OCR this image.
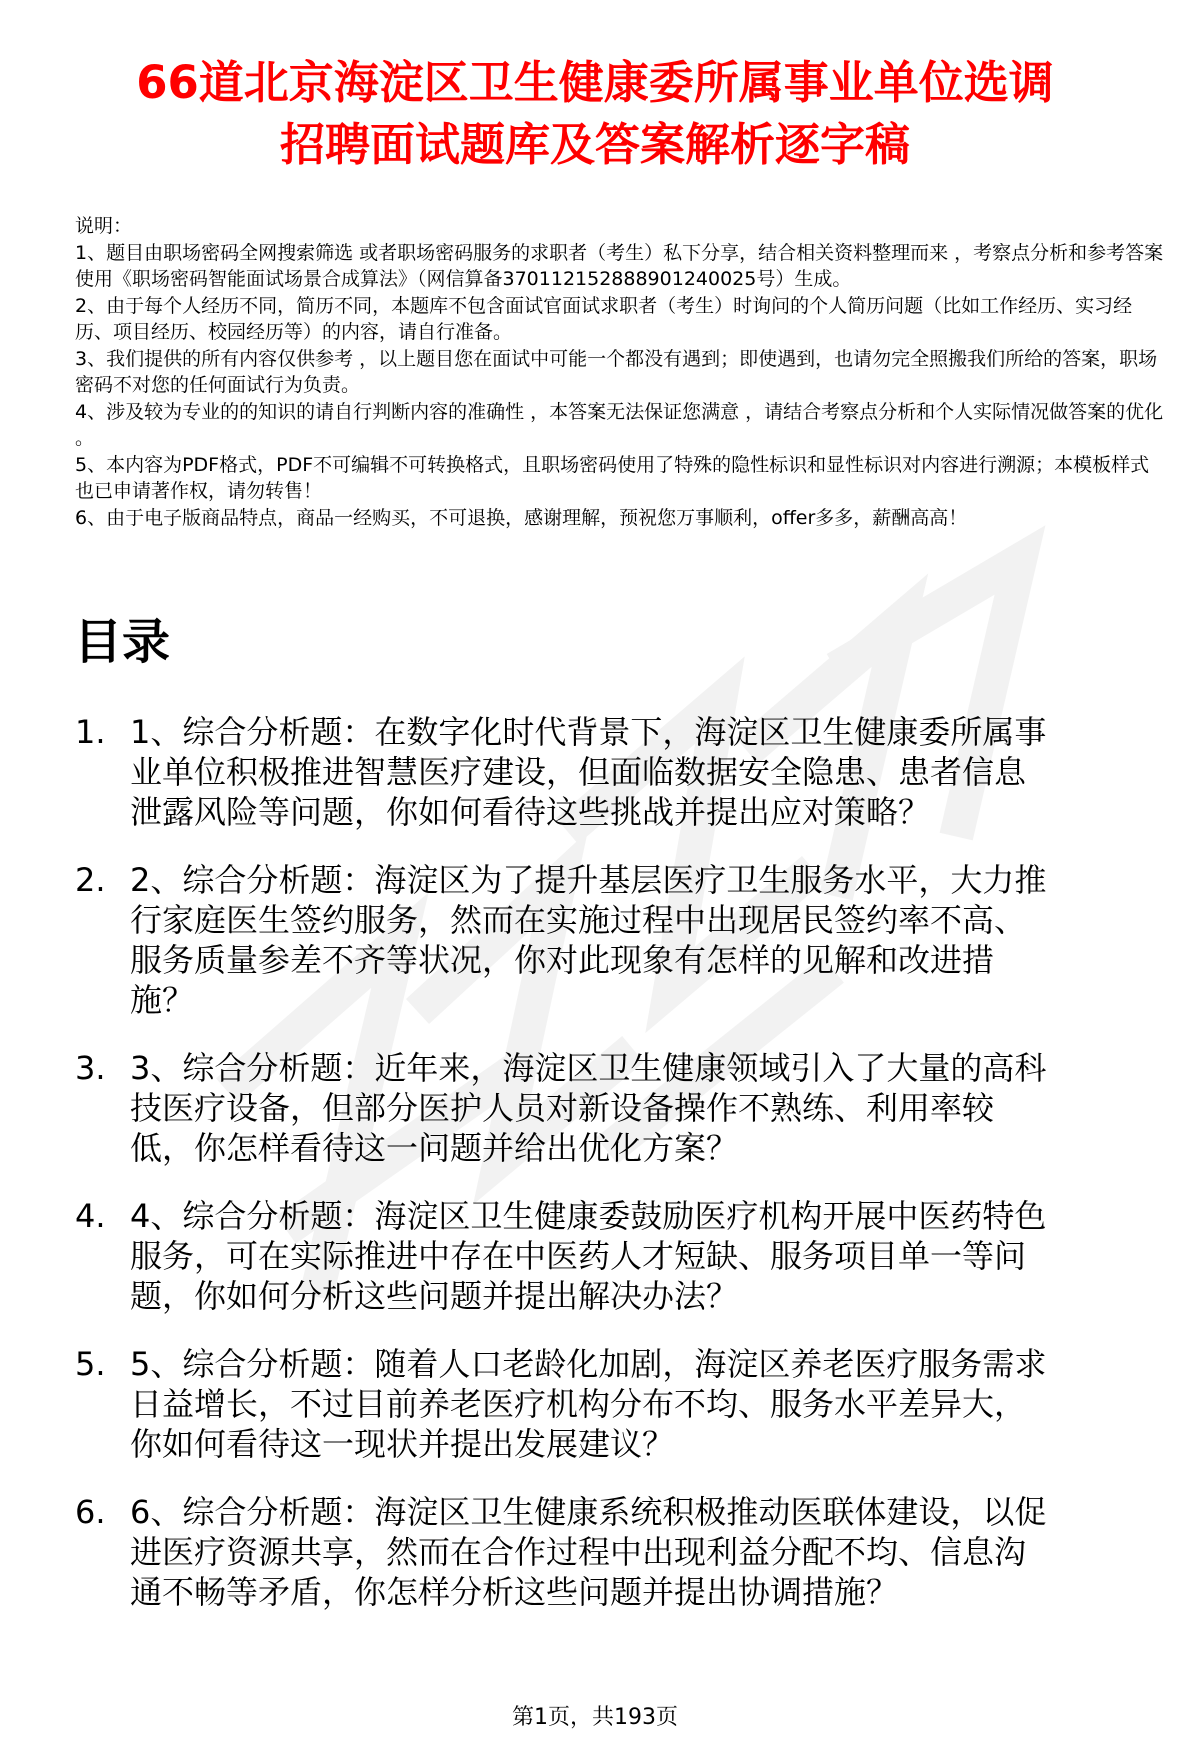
66道北京海淀区卫生健康委所属事业单位选调
招聘面试题库及答案解析逐字稿
说明：
1、题目由职场密码全网搜索筛选 或者职场密码服务的求职者（考生）私下分享，结合相关资料整理而来 ，考察点分析和参考答案使用《职场密码智能面试场景合成算法》（网信算备370112152888901240025号）生成。
2、由于每个人经历不同，简历不同，本题库不包含面试官面试求职者（考生）时询问的个人简历问题（比如工作经历、实习经历、项目经历、校园经历等）的内容，请自行准备。
3、我们提供的所有内容仅供参考 ，以上题目您在面试中可能一个都没有遇到；即使遇到，也请勿完全照搬我们所给的答案，职场密码不对您的任何面试行为负责。
4、涉及较为专业的的知识的请自行判断内容的准确性 ，本答案无法保证您满意 ，请结合考察点分析和个人实际情况做答案的优化 。
5、本内容为PDF格式，PDF不可编辑不可转换格式，且职场密码使用了特殊的隐性标识和显性标识对内容进行溯源；本模板样式也已申请著作权，请勿转售！
6、由于电子版商品特点，商品一经购买，不可退换，感谢理解，预祝您万事顺利，offer多多，薪酬高高！
目录
1. 1、综合分析题：在数字化时代背景下，海淀区卫生健康委所属事
业单位积极推进智慧医疗建设，但面临数据安全隐患、患者信息
泄露风险等问题，你如何看待这些挑战并提出应对策略？
2. 2、综合分析题：海淀区为了提升基层医疗卫生服务水平，大力推
行家庭医生签约服务，然而在实施过程中出现居民签约率不高、
服务质量参差不齐等状况，你对此现象有怎样的见解和改进措
施？
3. 3、综合分析题：近年来，海淀区卫生健康领域引入了大量的高科
技医疗设备，但部分医护人员对新设备操作不熟练、利用率较
低，你怎样看待这一问题并给出优化方案？
4. 4、综合分析题：海淀区卫生健康委鼓励医疗机构开展中医药特色
服务，可在实际推进中存在中医药人才短缺、服务项目单一等问
题，你如何分析这些问题并提出解决办法？
5. 5、综合分析题：随着人口老龄化加剧，海淀区养老医疗服务需求
日益增长，不过目前养老医疗机构分布不均、服务水平差异大，
你如何看待这一现状并提出发展建议？
6. 6、综合分析题：海淀区卫生健康系统积极推动医联体建设，以促
进医疗资源共享，然而在合作过程中出现利益分配不均、信息沟
通不畅等矛盾，你怎样分析这些问题并提出协调措施？
第1页，共193页
